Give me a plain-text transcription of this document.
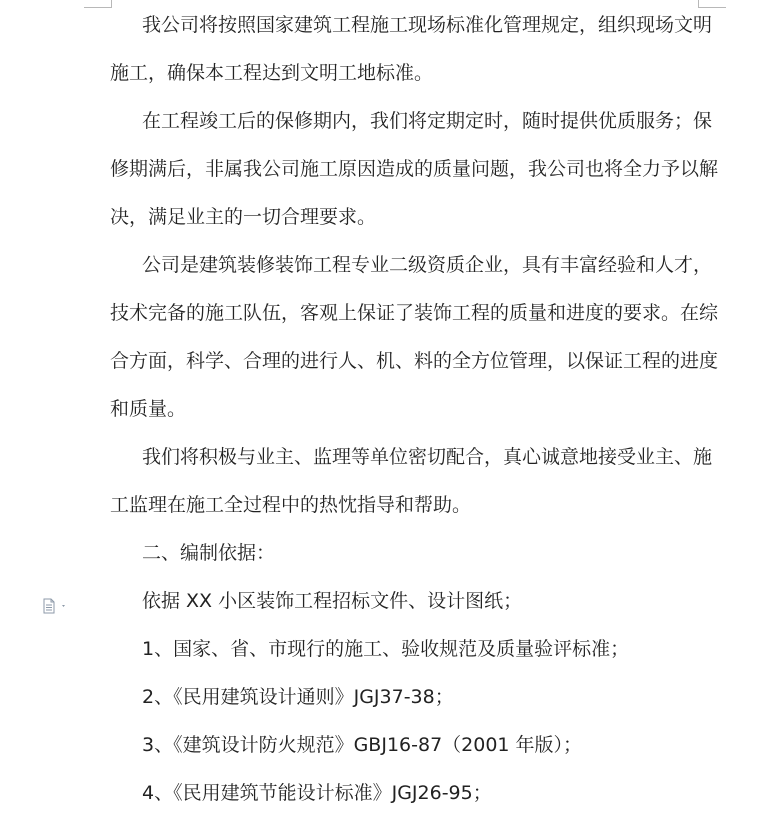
我公司将按照国家建筑工程施工现场标准化管理规定，组织现场文明
施工，确保本工程达到文明工地标准。
在工程竣工后的保修期内，我们将定期定时，随时提供优质服务；保
修期满后，非属我公司施工原因造成的质量问题，我公司也将全力予以解
决，满足业主的一切合理要求。
公司是建筑装修装饰工程专业二级资质企业，具有丰富经验和人才，
技术完备的施工队伍，客观上保证了装饰工程的质量和进度的要求。在综
合方面，科学、合理的进行人、机、料的全方位管理，以保证工程的进度
和质量。
我们将积极与业主、监理等单位密切配合，真心诚意地接受业主、施
工监理在施工全过程中的热忱指导和帮助。
二、编制依据：
依据 XX 小区装饰工程招标文件、设计图纸；
1、国家、省、市现行的施工、验收规范及质量验评标准；
2、《民用建筑设计通则》JGJ37-38；
3、《建筑设计防火规范》GBJ16-87（2001 年版）；
4、《民用建筑节能设计标准》JGJ26-95；
